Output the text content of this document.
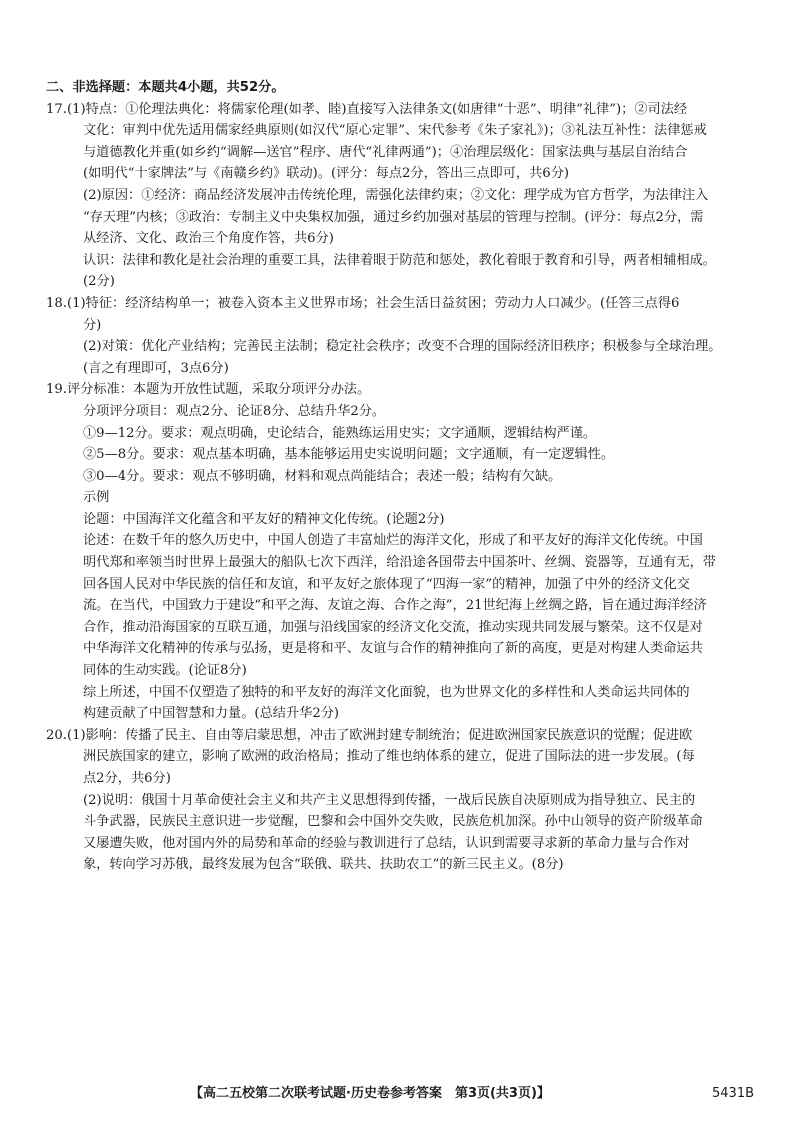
二、非选择题：本题共4小题，共52分。
17.(1)特点：①伦理法典化：将儒家伦理(如孝、睦)直接写入法律条文(如唐律“十恶”、明律“礼律”)；②司法经
文化：审判中优先适用儒家经典原则(如汉代“原心定罪”、宋代参考《朱子家礼》)；③礼法互补性：法律惩戒
与道德教化并重(如乡约“调解—送官”程序、唐代“礼律两通”)；④治理层级化：国家法典与基层自治结合
(如明代“十家牌法”与《南赣乡约》联动)。(评分：每点2分，答出三点即可，共6分)
(2)原因：①经济：商品经济发展冲击传统伦理，需强化法律约束；②文化：理学成为官方哲学，为法律注入
“存天理”内核；③政治：专制主义中央集权加强，通过乡约加强对基层的管理与控制。(评分：每点2分，需
从经济、文化、政治三个角度作答，共6分)
认识：法律和教化是社会治理的重要工具，法律着眼于防范和惩处，教化着眼于教育和引导，两者相辅相成。
(2分)
18.(1)特征：经济结构单一；被卷入资本主义世界市场；社会生活日益贫困；劳动力人口减少。(任答三点得6
分)
(2)对策：优化产业结构；完善民主法制；稳定社会秩序；改变不合理的国际经济旧秩序；积极参与全球治理。
(言之有理即可，3点6分)
19.评分标准：本题为开放性试题，采取分项评分办法。
分项评分项目：观点2分、论证8分、总结升华2分。
①9—12分。要求：观点明确，史论结合，能熟练运用史实；文字通顺，逻辑结构严谨。
②5—8分。要求：观点基本明确，基本能够运用史实说明问题；文字通顺，有一定逻辑性。
③0—4分。要求：观点不够明确，材料和观点尚能结合；表述一般；结构有欠缺。
示例
论题：中国海洋文化蕴含和平友好的精神文化传统。(论题2分)
论述：在数千年的悠久历史中，中国人创造了丰富灿烂的海洋文化，形成了和平友好的海洋文化传统。中国
明代郑和率领当时世界上最强大的船队七次下西洋，给沿途各国带去中国茶叶、丝绸、瓷器等，互通有无，带
回各国人民对中华民族的信任和友谊，和平友好之旅体现了“四海一家”的精神，加强了中外的经济文化交
流。在当代，中国致力于建设“和平之海、友谊之海、合作之海”，21世纪海上丝绸之路，旨在通过海洋经济
合作，推动沿海国家的互联互通，加强与沿线国家的经济文化交流，推动实现共同发展与繁荣。这不仅是对
中华海洋文化精神的传承与弘扬，更是将和平、友谊与合作的精神推向了新的高度，更是对构建人类命运共
同体的生动实践。(论证8分)
综上所述，中国不仅塑造了独特的和平友好的海洋文化面貌，也为世界文化的多样性和人类命运共同体的
构建贡献了中国智慧和力量。(总结升华2分)
20.(1)影响：传播了民主、自由等启蒙思想，冲击了欧洲封建专制统治；促进欧洲国家民族意识的觉醒；促进欧
洲民族国家的建立，影响了欧洲的政治格局；推动了维也纳体系的建立，促进了国际法的进一步发展。(每
点2分，共6分)
(2)说明：俄国十月革命使社会主义和共产主义思想得到传播，一战后民族自决原则成为指导独立、民主的
斗争武器，民族民主意识进一步觉醒，巴黎和会中国外交失败，民族危机加深。孙中山领导的资产阶级革命
又屡遭失败，他对国内外的局势和革命的经验与教训进行了总结，认识到需要寻求新的革命力量与合作对
象，转向学习苏俄，最终发展为包含“联俄、联共、扶助农工”的新三民主义。(8分)
【高二五校第二次联考试题·历史卷参考答案　第3页(共3页)】	5431B
